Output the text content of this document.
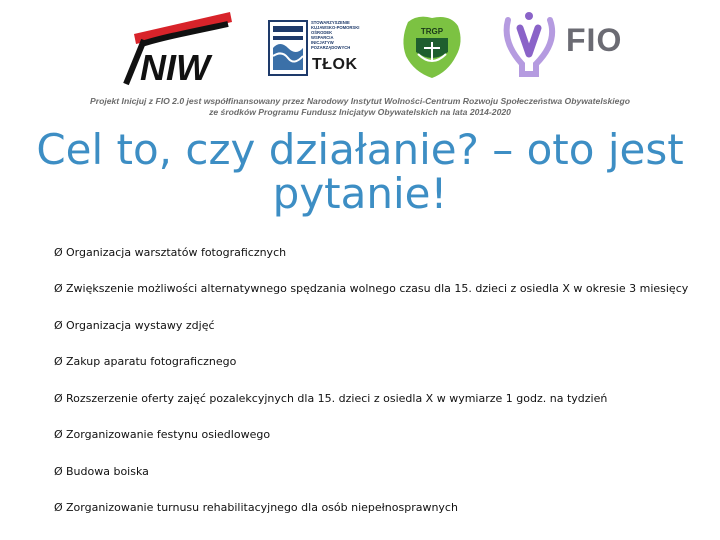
NIW
STOWARZYSZENIE
KUJAWSKO-POMORSKI
OŚRODEK
WSPARCIA
INICJATYW
POZARZĄDOWYCH
TŁOK
TRGP	FIO
Projekt Inicjuj z FIO 2.0 jest współfinansowany przez Narodowy Instytut Wolności-Centrum Rozwoju Społeczeństwa Obywatelskiego
ze środków Programu Fundusz Inicjatyw Obywatelskich na lata 2014-2020
Cel to, czy działanie? – oto jest
pytanie!
Ø Organizacja warsztatów fotograficznych
Ø Zwiększenie możliwości alternatywnego spędzania wolnego czasu dla 15. dzieci z osiedla X w okresie 3 miesięcy
Ø Organizacja wystawy zdjęć
Ø Zakup aparatu fotograficznego
Ø Rozszerzenie oferty zajęć pozalekcyjnych dla 15. dzieci z osiedla X w wymiarze 1 godz. na tydzień
Ø Zorganizowanie festynu osiedlowego
Ø Budowa boiska
Ø Zorganizowanie turnusu rehabilitacyjnego dla osób niepełnosprawnych
